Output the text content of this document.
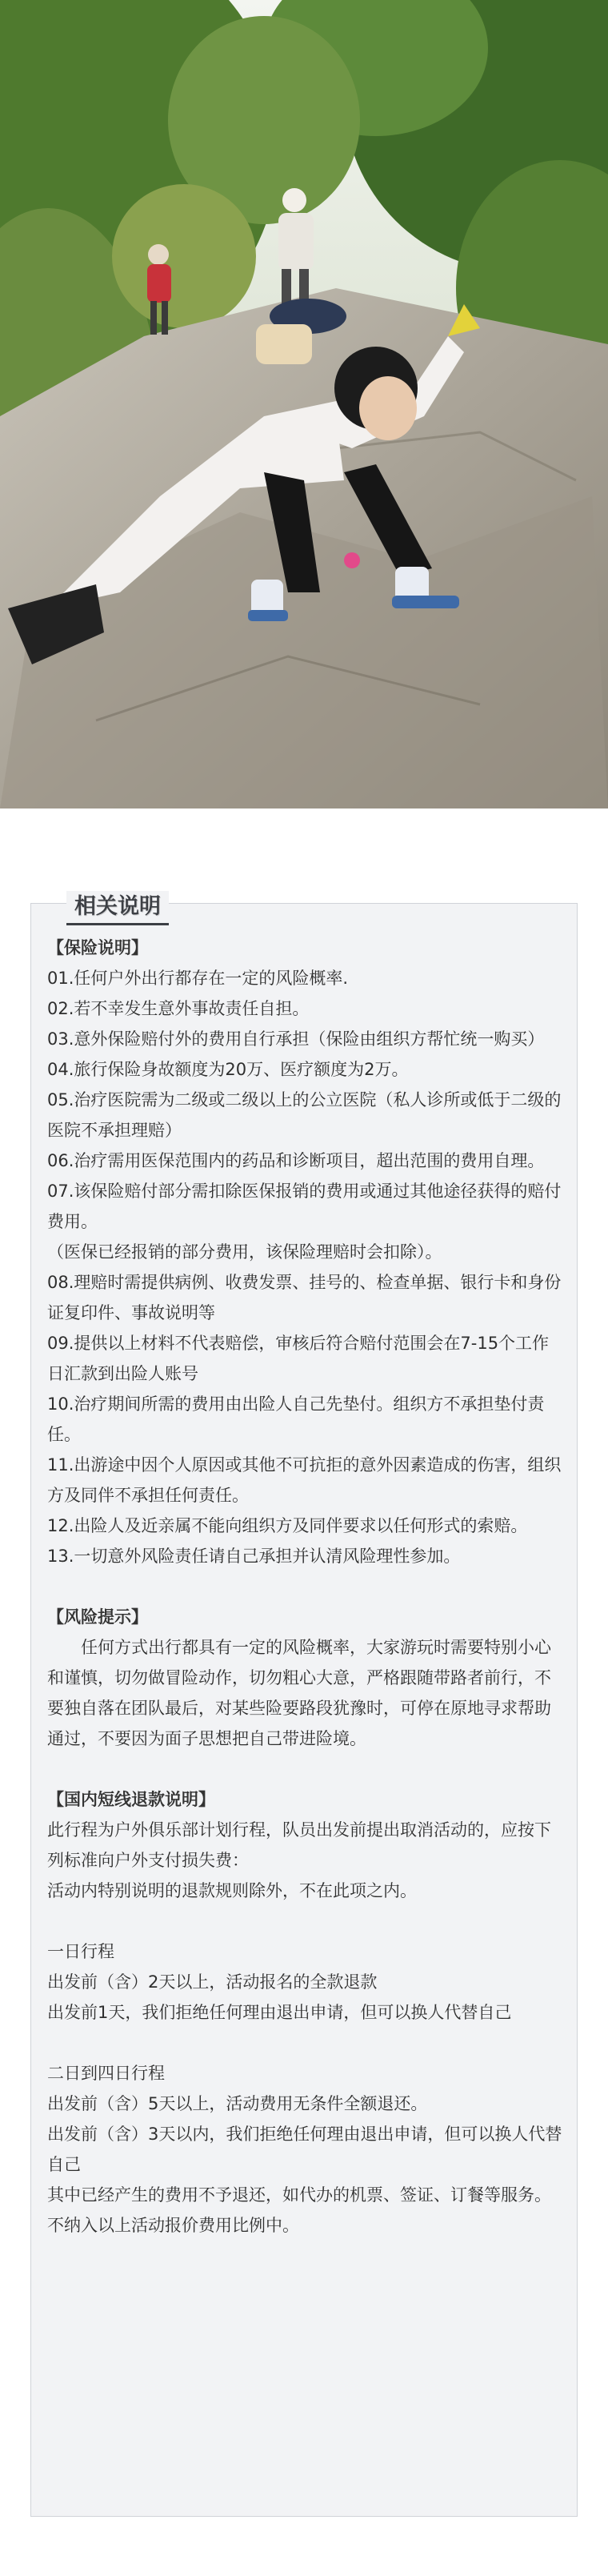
相关说明

【保险说明】

01.任何户外出行都存在一定的风险概率.

02.若不幸发生意外事故责任自担。

03.意外保险赔付外的费用自行承担（保险由组织方帮忙统一购买）

04.旅行保险身故额度为20万、医疗额度为2万。

05.治疗医院需为二级或二级以上的公立医院（私人诊所或低于二级的医院不承担理赔）

06.治疗需用医保范围内的药品和诊断项目，超出范围的费用自理。

07.该保险赔付部分需扣除医保报销的费用或通过其他途径获得的赔付费用。

（医保已经报销的部分费用，该保险理赔时会扣除）。

08.理赔时需提供病例、收费发票、挂号的、检查单据、银行卡和身份证复印件、事故说明等

09.提供以上材料不代表赔偿，审核后符合赔付范围会在7-15个工作日汇款到出险人账号

10.治疗期间所需的费用由出险人自己先垫付。组织方不承担垫付责任。

11.出游途中因个人原因或其他不可抗拒的意外因素造成的伤害，组织方及同伴不承担任何责任。

12.出险人及近亲属不能向组织方及同伴要求以任何形式的索赔。

13.一切意外风险责任请自己承担并认清风险理性参加。

【风险提示】

任何方式出行都具有一定的风险概率，大家游玩时需要特别小心和谨慎，切勿做冒险动作，切勿粗心大意，严格跟随带路者前行，不要独自落在团队最后，对某些险要路段犹豫时，可停在原地寻求帮助通过，不要因为面子思想把自己带进险境。

【国内短线退款说明】

此行程为户外俱乐部计划行程，队员出发前提出取消活动的，应按下列标准向户外支付损失费：

活动内特别说明的退款规则除外，不在此项之内。

一日行程

出发前（含）2天以上，活动报名的全款退款

出发前1天，我们拒绝任何理由退出申请，但可以换人代替自己

二日到四日行程

出发前（含）5天以上，活动费用无条件全额退还。

出发前（含）3天以内，我们拒绝任何理由退出申请，但可以换人代替自己

其中已经产生的费用不予退还，如代办的机票、签证、订餐等服务。不纳入以上活动报价费用比例中。
